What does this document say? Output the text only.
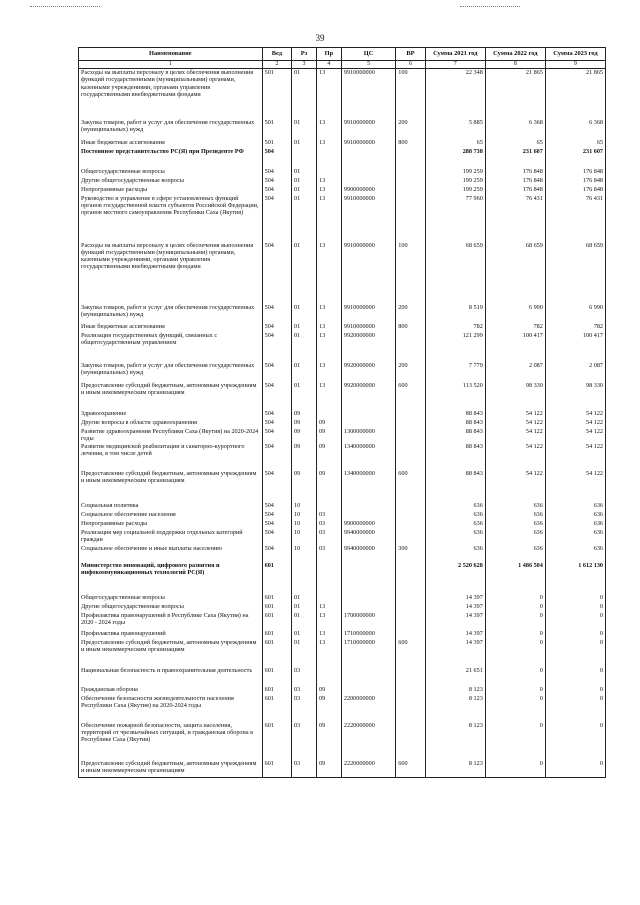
39
Наименование	Вед	Рз	Пр	ЦС	ВР	Сумма 2021 год	Сумма 2022 год	Сумма 2023 год
1	2	3	4	5	6	7	8	9
Расходы на выплаты персоналу в целях обеспечения выполнения функций государственными (муниципальными) органами, казенными учреждениями, органами управления государственными внебюджетными фондами	501	01	13	9910000000	100	22 348	21 865	21 865
Закупка товаров, работ и услуг для обеспечения государственных (муниципальных) нужд	501	01	13	9910000000	200	5 885	6 368	6 368
Иные бюджетные ассигнования	501	01	13	9910000000	800	65	65	65
Постоянное представительство РС(Я) при Президенте РФ	504					288 738	231 607	231 607
Общегосударственные вопросы	504	01				199 259	176 848	176 848
Другие общегосударственные вопросы	504	01	13			199 259	176 848	176 848
Непрограммные расходы	504	01	13	9900000000		199 259	176 848	176 848
Руководство и управление в сфере установленных функций органов государственной власти субъектов Российской Федерации, органов местного самоуправления Республики Саха (Якутия)	504	01	13	9910000000		77 960	76 431	76 431
Расходы на выплаты персоналу в целях обеспечения выполнения функций государственными (муниципальными) органами, казенными учреждениями, органами управления государственными внебюджетными фондами	504	01	13	9910000000	100	68 659	68 659	68 659
Закупка товаров, работ и услуг для обеспечения государственных (муниципальных) нужд	504	01	13	9910000000	200	8 519	6 990	6 990
Иные бюджетные ассигнования	504	01	13	9910000000	800	782	782	782
Реализация государственных функций, связанных с общегосударственным управлением	504	01	13	9920000000		121 299	100 417	100 417
Закупка товаров, работ и услуг для обеспечения государственных (муниципальных) нужд	504	01	13	9920000000	200	7 779	2 087	2 087
Предоставление субсидий бюджетным, автономным учреждениям и иным некоммерческим организациям	504	01	13	9920000000	600	113 520	98 330	98 330
Здравоохранение	504	09				88 843	54 122	54 122
Другие вопросы в области здравоохранения	504	09	09			88 843	54 122	54 122
Развитие здравоохранения Республики Саха (Якутия) на 2020-2024 годы	504	09	09	1300000000		88 843	54 122	54 122
Развитие медицинской реабилитации и санаторно-курортного лечения, в том числе детей	504	09	09	1340000000		88 843	54 122	54 122
Предоставление субсидий бюджетным, автономным учреждениям и иным некоммерческим организациям	504	09	09	1340000000	600	88 843	54 122	54 122
Социальная политика	504	10				636	636	636
Социальное обеспечение населения	504	10	03			636	636	636
Непрограммные расходы	504	10	03	9900000000		636	636	636
Реализация мер социальной поддержки отдельных категорий граждан	504	10	03	9940000000		636	636	636
Социальное обеспечение и иные выплаты населению	504	10	03	9940000000	300	636	636	636
Министерство инноваций, цифрового развития и инфокоммуникационных технологий РС(Я)	601					2 520 628	1 486 504	1 612 130
Общегосударственные вопросы	601	01				14 397	0	0
Другие общегосударственные вопросы	601	01	13			14 397	0	0
Профилактика правонарушений в Республике Саха (Якутия) на 2020 - 2024 годы	601	01	13	1700000000		14 397	0	0
Профилактика правонарушений	601	01	13	1710000000		14 397	0	0
Предоставление субсидий бюджетным, автономным учреждениям и иным некоммерческим организациям	601	01	13	1710000000	600	14 397	0	0
Национальная безопасность и правоохранительная деятельность	601	03				21 651	0	0
Гражданская оборона	601	03	09			8 123	0	0
Обеспечение безопасности жизнедеятельности населения Республики Саха (Якутия) на 2020-2024 годы	601	03	09	2200000000		8 123	0	0
Обеспечение пожарной безопасности, защита населения, территорий от чрезвычайных ситуаций, и гражданская оборона в Республике Саха (Якутия)	601	03	09	2220000000		8 123	0	0
Предоставление субсидий бюджетным, автономным учреждениям и иным некоммерческим организациям	601	03	09	2220000000	600	8 123	0	0
